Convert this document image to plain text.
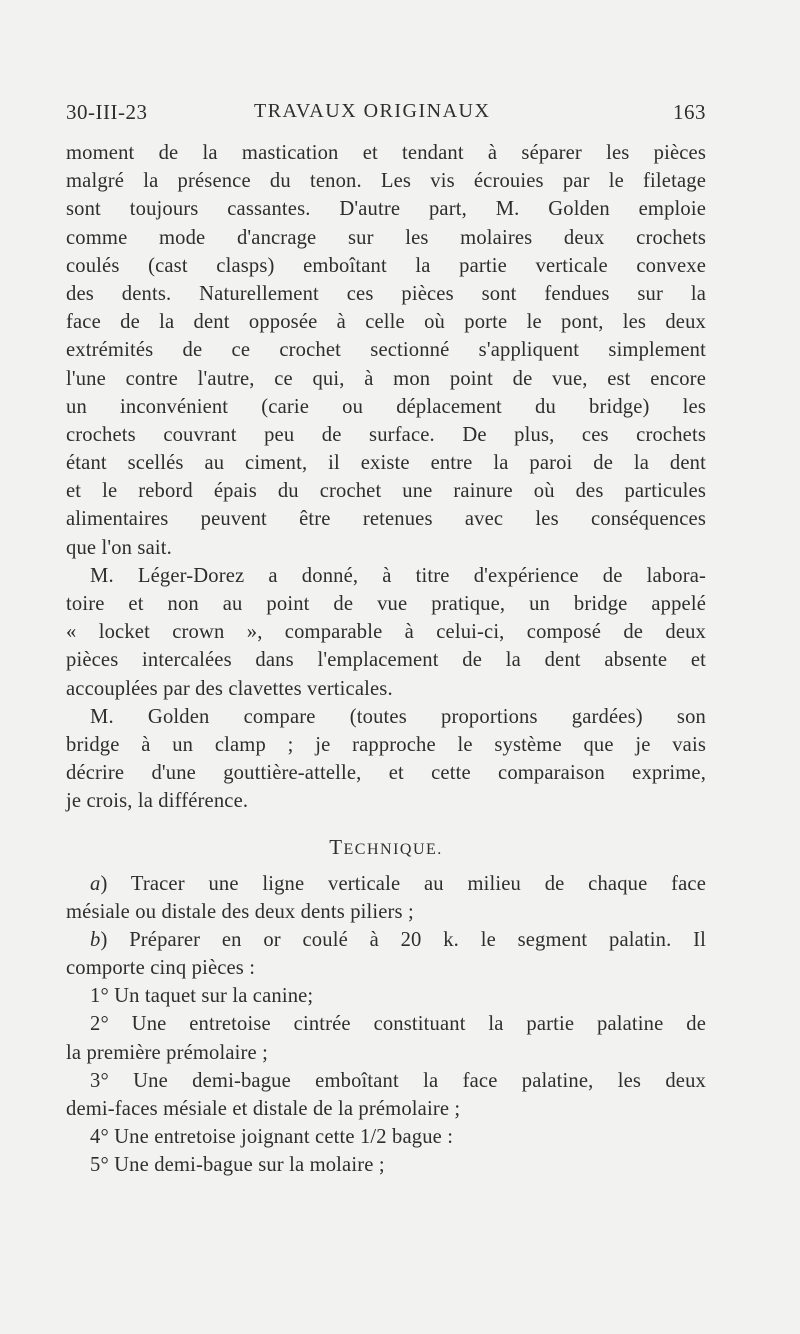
30-III-23	TRAVAUX ORIGINAUX	163
moment de la mastication et tendant à séparer les pièces
malgré la présence du tenon. Les vis écrouies par le filetage
sont toujours cassantes. D'autre part, M. Golden emploie
comme mode d'ancrage sur les molaires deux crochets
coulés (cast clasps) emboîtant la partie verticale convexe
des dents. Naturellement ces pièces sont fendues sur la
face de la dent opposée à celle où porte le pont, les deux
extrémités de ce crochet sectionné s'appliquent simplement
l'une contre l'autre, ce qui, à mon point de vue, est encore
un inconvénient (carie ou déplacement du bridge) les
crochets couvrant peu de surface. De plus, ces crochets
étant scellés au ciment, il existe entre la paroi de la dent
et le rebord épais du crochet une rainure où des particules
alimentaires peuvent être retenues avec les conséquences
que l'on sait.
M. Léger-Dorez a donné, à titre d'expérience de labora-
toire et non au point de vue pratique, un bridge appelé
« locket crown », comparable à celui-ci, composé de deux
pièces intercalées dans l'emplacement de la dent absente et
accouplées par des clavettes verticales.
M. Golden compare (toutes proportions gardées) son
bridge à un clamp ; je rapproche le système que je vais
décrire d'une gouttière-attelle, et cette comparaison exprime,
je crois, la différence.
TECHNIQUE.
a) Tracer une ligne verticale au milieu de chaque face
mésiale ou distale des deux dents piliers ;
b) Préparer en or coulé à 20 k. le segment palatin. Il
comporte cinq pièces :
1° Un taquet sur la canine;
2° Une entretoise cintrée constituant la partie palatine de
la première prémolaire ;
3° Une demi-bague emboîtant la face palatine, les deux
demi-faces mésiale et distale de la prémolaire ;
4° Une entretoise joignant cette 1/2 bague :
5° Une demi-bague sur la molaire ;
